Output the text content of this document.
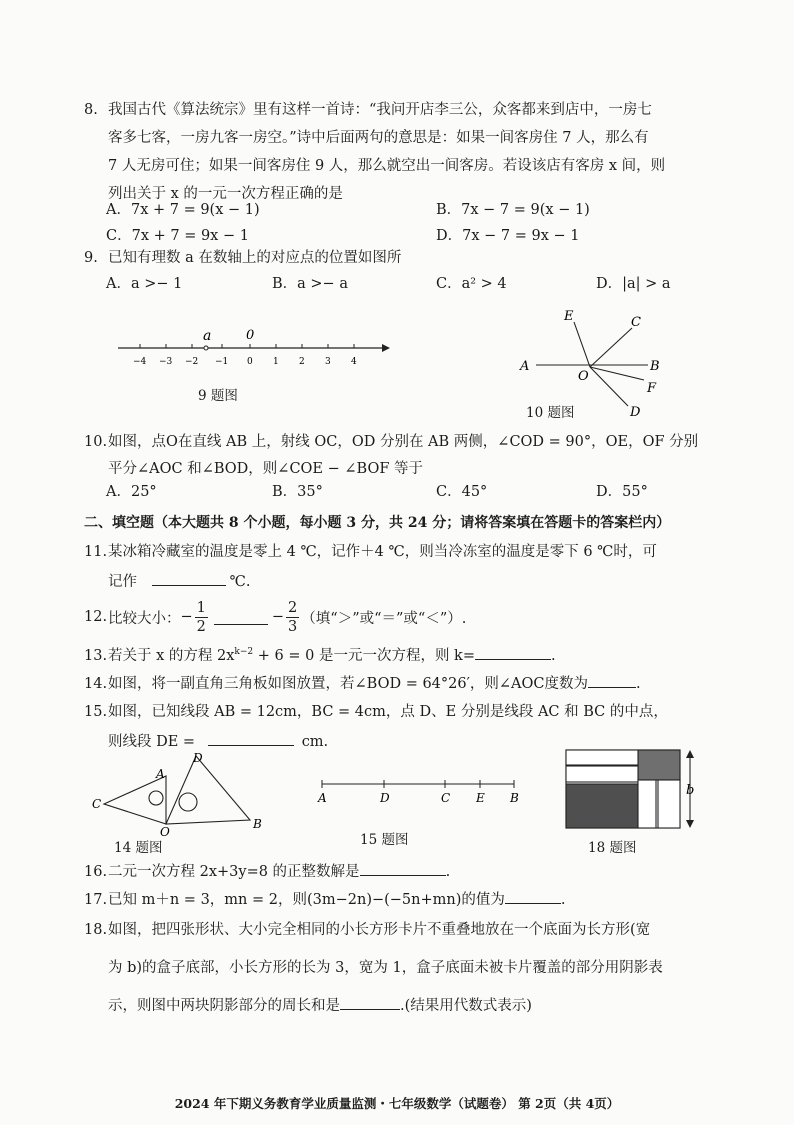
8. 我国古代《算法统宗》里有这样一首诗：“我问开店李三公，众客都来到店中，一房七
客多七客，一房九客一房空。”诗中后面两句的意思是：如果一间客房住 7 人，那么有
7 人无房可住；如果一间客房住 9 人，那么就空出一间客房。若设该店有客房 x 间，则
列出关于 x 的一元一次方程正确的是
A．7x + 7 = 9(x − 1)	B．7x − 7 = 9(x − 1)
C．7x + 7 = 9x − 1	D．7x − 7 = 9x − 1
9. 已知有理数 a 在数轴上的对应点的位置如图所
A．a >− 1	B．a >− a	C．a² > 4	D．|a| > a
a	0
−4 −3 −2 −1 0 1 2 3 4
9 题图
E	C
A	B
O
F
D
10 题图
10.如图，点O在直线 AB 上，射线 OC，OD 分别在 AB 两侧，∠COD = 90°，OE，OF 分别
平分∠AOC 和∠BOD，则∠COE − ∠BOF 等于
A．25°	B．35°	C．45°	D．55°
二、填空题（本大题共 8 个小题，每小题 3 分，共 24 分；请将答案填在答题卡的答案栏内）
11.某冰箱冷藏室的温度是零上 4 ℃，记作＋4 ℃，则当冷冻室的温度是零下 6 ℃时，可
记作	℃.
12. 比较大小： − $\frac{1}{2}$	− $\frac{2}{3}$ （填“＞”或“＝”或“＜”）.
13.若关于 x 的方程 $2x^{k-2} + 6 = 0$ 是一元一次方程，则 k=	.
14.如图，将一副直角三角板如图放置，若∠BOD = 64°26′，则∠AOC度数为	.
15.如图，已知线段 AB = 12cm，BC = 4cm，点 D、E 分别是线段 AC 和 BC 的中点，
则线段 DE =	cm.
C
A
D
O
B
14 题图
A	D	C E B
15 题图
b
18 题图
16.二元一次方程 2x+3y=8 的正整数解是	.
17.已知 m＋n = 3，mn = 2，则(3m−2n)−(−5n+mn)的值为	.
18.如图，把四张形状、大小完全相同的小长方形卡片不重叠地放在一个底面为长方形(宽
为 b)的盒子底部，小长方形的长为 3，宽为 1，盒子底面未被卡片覆盖的部分用阴影表
示，则图中两块阴影部分的周长和是	.(结果用代数式表示)
2024 年下期义务教育学业质量监测・七年级数学（试题卷） 第 2页（共 4页）
